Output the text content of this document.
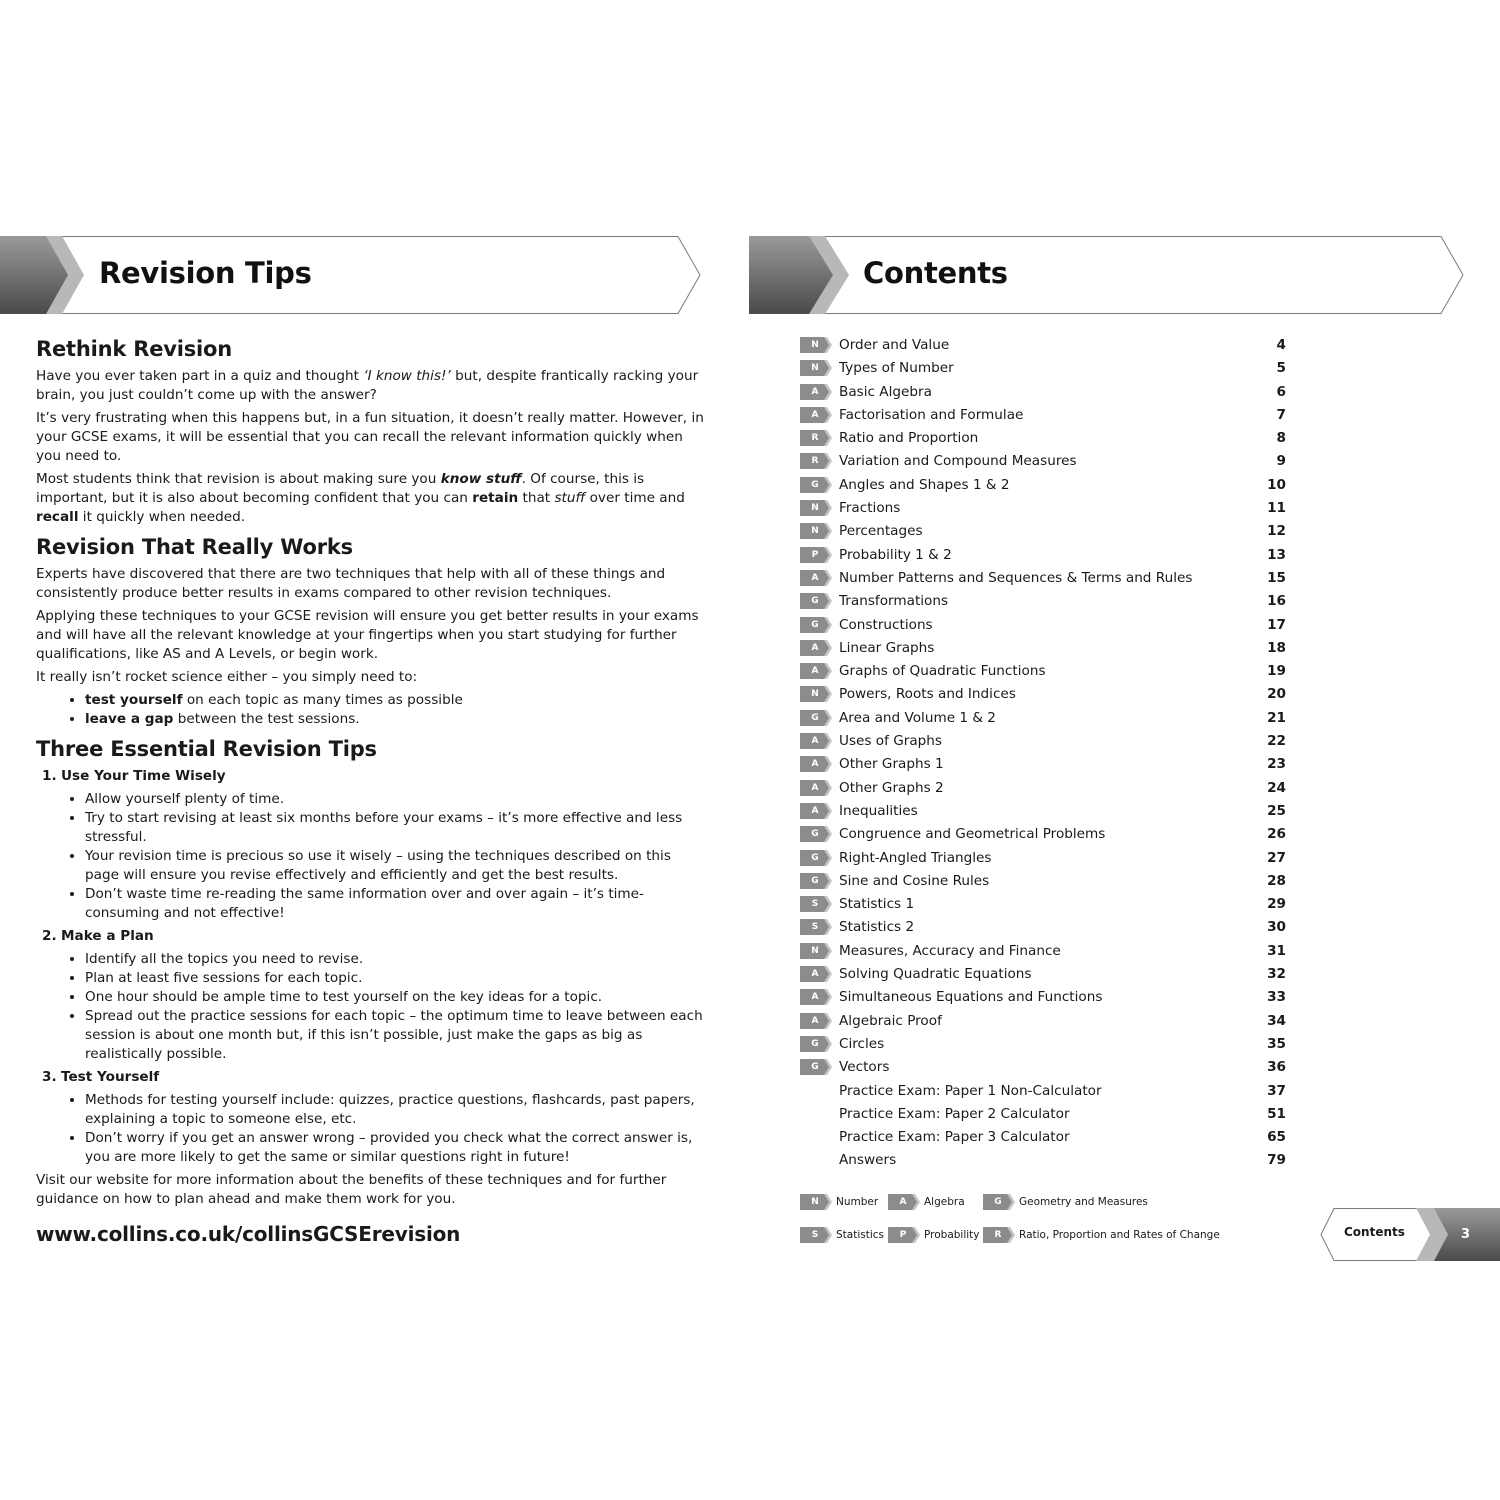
Revision Tips	Contents
Rethink Revision

Have you ever taken part in a quiz and thought ‘I know this!’ but, despite frantically racking your brain, you just couldn’t come up with the answer?

It’s very frustrating when this happens but, in a fun situation, it doesn’t really matter. However, in your GCSE exams, it will be essential that you can recall the relevant information quickly when you need to.

Most students think that revision is about making sure you know stuff. Of course, this is important, but it is also about becoming confident that you can retain that stuff over time and recall it quickly when needed.

Revision That Really Works

Experts have discovered that there are two techniques that help with all of these things and consistently produce better results in exams compared to other revision techniques.

Applying these techniques to your GCSE revision will ensure you get better results in your exams and will have all the relevant knowledge at your fingertips when you start studying for further qualifications, like AS and A Levels, or begin work.

It really isn’t rocket science either – you simply need to:

• test yourself on each topic as many times as possible
• leave a gap between the test sessions.
Three Essential Revision Tips
1. Use Your Time Wisely
• Allow yourself plenty of time.
• Try to start revising at least six months before your exams – it’s more effective and less stressful.
• Your revision time is precious so use it wisely – using the techniques described on this page will ensure you revise effectively and efficiently and get the best results.
• Don’t waste time re-reading the same information over and over again – it’s time-consuming and not effective!
2. Make a Plan
• Identify all the topics you need to revise.
• Plan at least five sessions for each topic.
• One hour should be ample time to test yourself on the key ideas for a topic.
• Spread out the practice sessions for each topic – the optimum time to leave between each session is about one month but, if this isn’t possible, just make the gaps as big as realistically possible.
3. Test Yourself
• Methods for testing yourself include: quizzes, practice questions, flashcards, past papers, explaining a topic to someone else, etc.
• Don’t worry if you get an answer wrong – provided you check what the correct answer is, you are more likely to get the same or similar questions right in future!

Visit our website for more information about the benefits of these techniques and for further guidance on how to plan ahead and make them work for you.

www.collins.co.uk/collinsGCSErevision
N	Order and Value	4
N	Types of Number	5
A	Basic Algebra	6
A	Factorisation and Formulae	7
R	Ratio and Proportion	8
R	Variation and Compound Measures	9
G	Angles and Shapes 1 & 2	10
N	Fractions	11
N	Percentages	12
P	Probability 1 & 2	13
A	Number Patterns and Sequences & Terms and Rules	15
G	Transformations	16
G	Constructions	17
A	Linear Graphs	18
A	Graphs of Quadratic Functions	19
N	Powers, Roots and Indices	20
G	Area and Volume 1 & 2	21
A	Uses of Graphs	22
A	Other Graphs 1	23
A	Other Graphs 2	24
A	Inequalities	25
G	Congruence and Geometrical Problems	26
G	Right-Angled Triangles	27
G	Sine and Cosine Rules	28
S	Statistics 1	29
S	Statistics 2	30
N	Measures, Accuracy and Finance	31
A	Solving Quadratic Equations	32
A	Simultaneous Equations and Functions	33
A	Algebraic Proof	34
G	Circles	35
G	Vectors	36
Practice Exam: Paper 1 Non-Calculator	37
Practice Exam: Paper 2 Calculator	51
Practice Exam: Paper 3 Calculator	65
Answers	79
N	Number	A	Algebra	G	Geometry and Measures
S	Statistics	P	Probability	R	Ratio, Proportion and Rates of Change	Contents	3
